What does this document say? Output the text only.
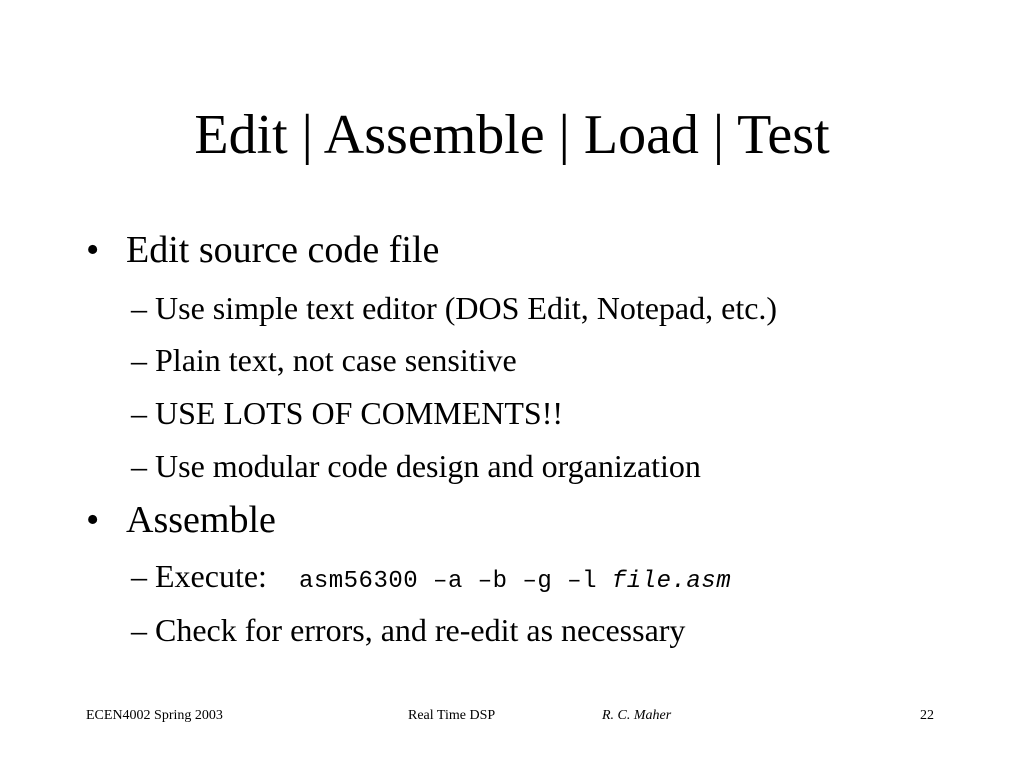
Edit | Assemble | Load | Test
• Edit source code file
– Use simple text editor (DOS Edit, Notepad, etc.)
– Plain text, not case sensitive
– USE LOTS OF COMMENTS!!
– Use modular code design and organization
• Assemble
– Execute: asm56300 –a –b –g –l file.asm
– Check for errors, and re-edit as necessary
ECEN4002 Spring 2003	Real Time DSP	R. C. Maher	22
